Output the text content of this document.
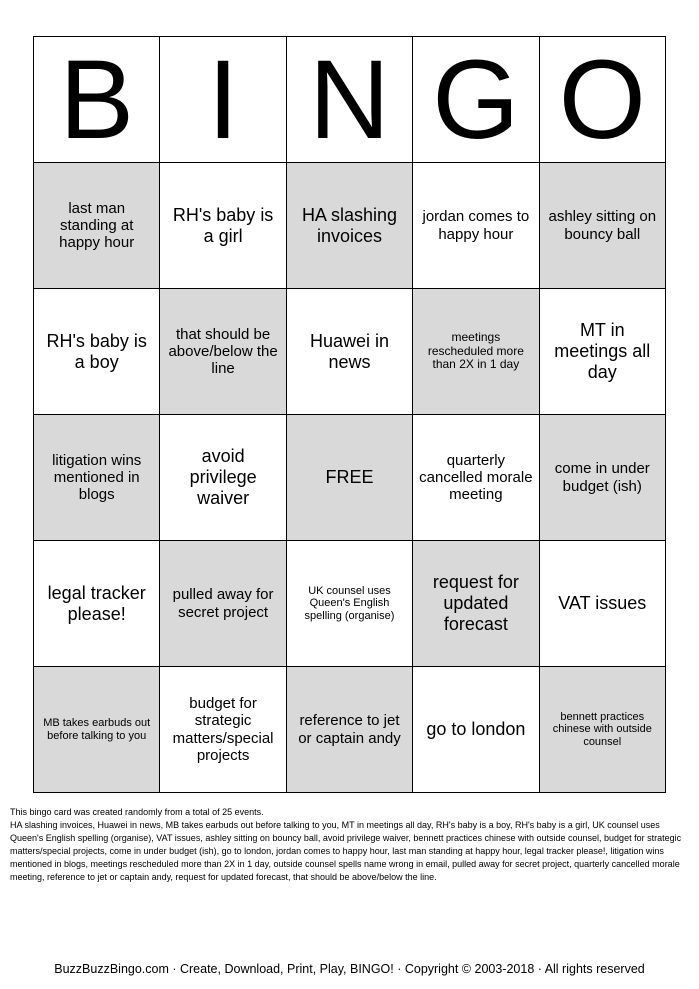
B	I	N	G	O
last man standing at happy hour	RH's baby is a girl	HA slashing invoices	jordan comes to happy hour	ashley sitting on bouncy ball
RH's baby is a boy	that should be above/below the line	Huawei in news	meetings rescheduled more than 2X in 1 day	MT in meetings all day
litigation wins mentioned in blogs	avoid privilege waiver	FREE	quarterly cancelled morale meeting	come in under budget (ish)
legal tracker please!	pulled away for secret project	UK counsel uses Queen's English spelling (organise)	request for updated forecast	VAT issues
MB takes earbuds out before talking to you	budget for strategic matters/special projects	reference to jet or captain andy	go to london	bennett practices chinese with outside counsel

This bingo card was created randomly from a total of 25 events.

HA slashing invoices, Huawei in news, MB takes earbuds out before talking to you, MT in meetings all day, RH's baby is a boy, RH's baby is a girl, UK counsel uses Queen's English spelling (organise), VAT issues, ashley sitting on bouncy ball, avoid privilege waiver, bennett practices chinese with outside counsel, budget for strategic matters/special projects, come in under budget (ish), go to london, jordan comes to happy hour, last man standing at happy hour, legal tracker please!, litigation wins mentioned in blogs, meetings rescheduled more than 2X in 1 day, outside counsel spells name wrong in email, pulled away for secret project, quarterly cancelled morale meeting, reference to jet or captain andy, request for updated forecast, that should be above/below the line.

BuzzBuzzBingo.com · Create, Download, Print, Play, BINGO! · Copyright © 2003-2018 · All rights reserved
